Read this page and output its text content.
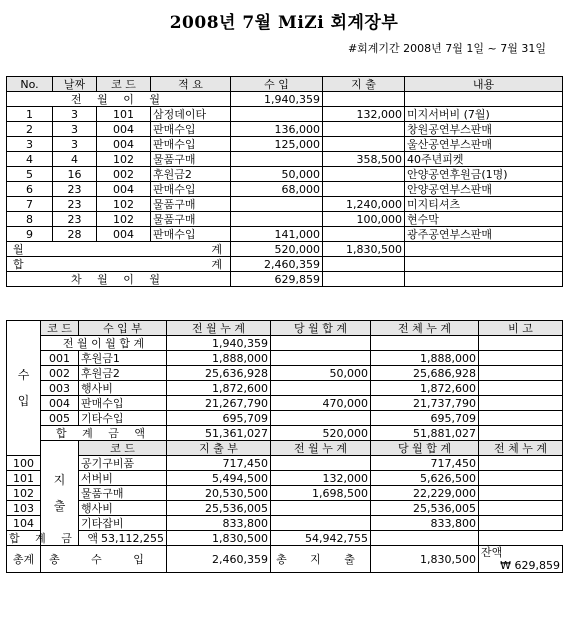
2008년 7월 MiZi 회계장부
#회계기간 2008년 7월 1일 ~ 7월 31일
No.	날짜	코 드	적 요	수 입	지 출	내용
전 월 이 월				1,940,359		
1	3	101	삼정데이타		132,000	미지서버비 (7월)
2	3	004	판매수입	136,000		창원공연부스판매
3	3	004	판매수입	125,000		울산공연부스판매
4	4	102	물품구매		358,500	40주년피켓
5	16	002	후원금2	50,000		안양공연후원금(1명)
6	23	004	판매수입	68,000		안양공연부스판매
7	23	102	물품구매		1,240,000	미지티셔츠
8	23	102	물품구매		100,000	현수막
9	28	004	판매수입	141,000		광주공연부스판매

월 계				520,000	1,830,500	

합 계				2,460,359		
차 월 이 월				629,859		
수

입	코 드	수 입 부	전 월 누 계	당 월 합 계	전 체 누 계	비 고	
	전 월 이 월 합 계		1,940,359				
	001	후원금1	1,888,000		1,888,000		
	002	후원금2	25,636,928	50,000	25,686,928		
	003	행사비	1,872,600		1,872,600		
	004	판매수입	21,267,790	470,000	21,737,790		
	005	기타수입	695,709		695,709		
	합 계 금 액		51,361,027	520,000	51,881,027		
	지

출	코 드	지 출 부	전 월 누 계	당 월 합 계	전 체 누 계	
100		공기구비품	717,450		717,450		
101		서버비	5,494,500	132,000	5,626,500		
102		물품구매	20,530,500	1,698,500	22,229,000		
103		행사비	25,536,005		25,536,005		
104		기타잡비	833,800		833,800		
합 계 금 액		53,112,255	1,830,500	54,942,755			
총계	총 수 입		2,460,359	총 지 출	1,830,500	잔액
₩ 629,859	
